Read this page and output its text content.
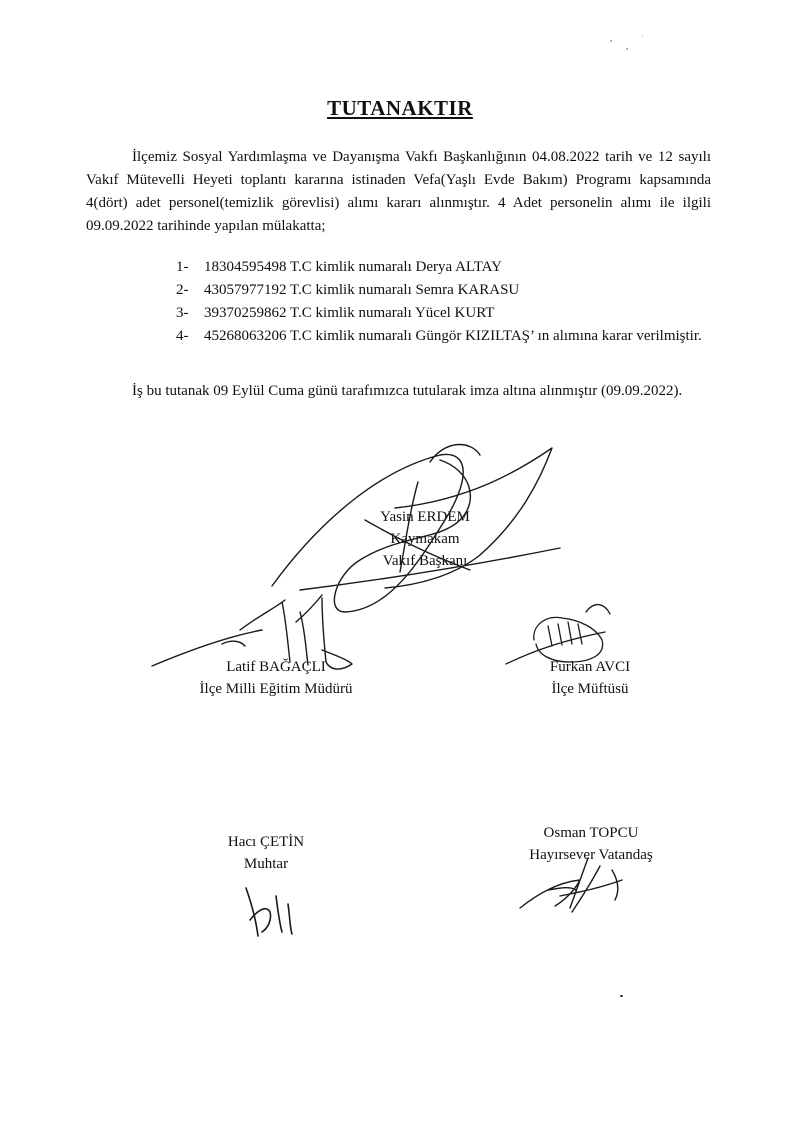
TUTANAKTIR
İlçemiz Sosyal Yardımlaşma ve Dayanışma Vakfı Başkanlığının 04.08.2022 tarih ve 12 sayılı Vakıf Mütevelli Heyeti toplantı kararına istinaden Vefa(Yaşlı Evde Bakım) Programı kapsamında 4(dört) adet personel(temizlik görevlisi) alımı kararı alınmıştır. 4 Adet personelin alımı ile ilgili 09.09.2022 tarihinde yapılan mülakatta;
1- 18304595498 T.C kimlik numaralı Derya ALTAY
2- 43057977192 T.C kimlik numaralı Semra KARASU
3- 39370259862 T.C kimlik numaralı Yücel KURT
4- 45268063206 T.C kimlik numaralı Güngör KIZILTAŞ’ ın alımına karar verilmiştir.
İş bu tutanak 09 Eylül Cuma günü tarafımızca tutularak imza altına alınmıştır (09.09.2022).
Yasin ERDEM
Kaymakam
Vakıf Başkanı
Latif BAĞAÇLI
İlçe Milli Eğitim Müdürü
Furkan AVCI
İlçe Müftüsü
Hacı ÇETİN
Muhtar
Osman TOPCU
Hayırsever Vatandaş
